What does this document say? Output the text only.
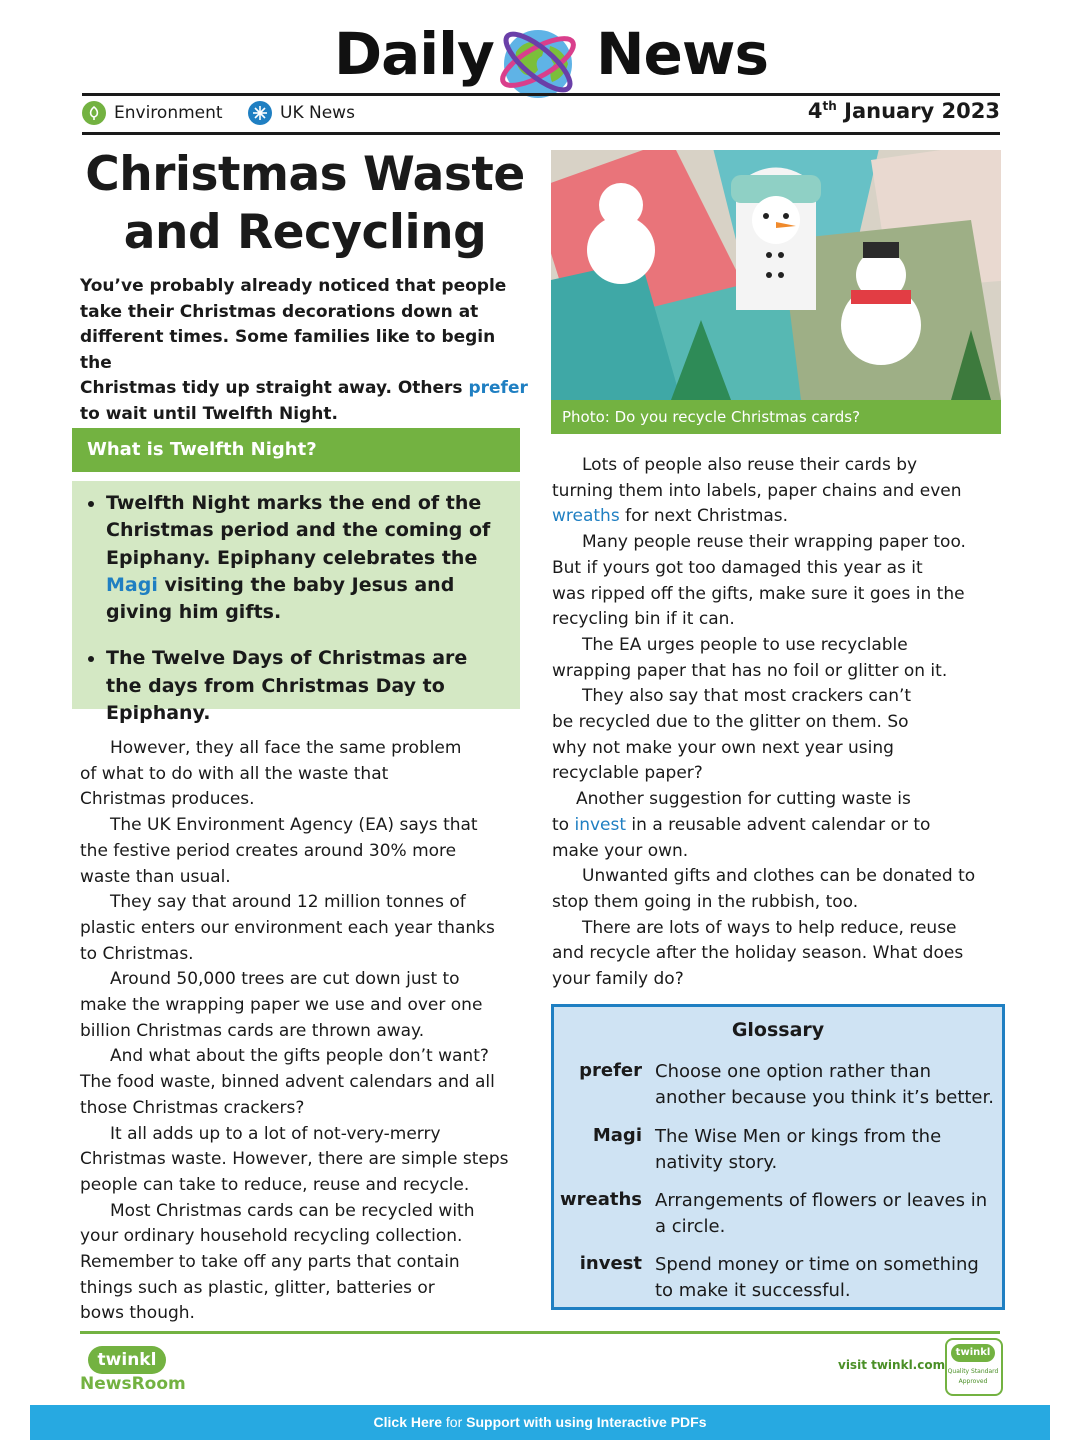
Daily News
Environment	UK News	4th January 2023
Christmas Waste
and Recycling
You’ve probably already noticed that people
take their Christmas decorations down at
different times. Some families like to begin the
Christmas tidy up straight away. Others prefer
to wait until Twelfth Night.
What is Twelfth Night?
• Twelfth Night marks the end of the Christmas period and the coming of Epiphany. Epiphany celebrates the Magi visiting the baby Jesus and giving him gifts.
• The Twelve Days of Christmas are the days from Christmas Day to Epiphany.

However, they all face the same problem
of what to do with all the waste that
Christmas produces.

The UK Environment Agency (EA) says that
the festive period creates around 30% more
waste than usual.

They say that around 12 million tonnes of
plastic enters our environment each year thanks
to Christmas.

Around 50,000 trees are cut down just to
make the wrapping paper we use and over one
billion Christmas cards are thrown away.

And what about the gifts people don’t want?
The food waste, binned advent calendars and all
those Christmas crackers?

It all adds up to a lot of not-very-merry
Christmas waste. However, there are simple steps
people can take to reduce, reuse and recycle.

Most Christmas cards can be recycled with
your ordinary household recycling collection.
Remember to take off any parts that contain
things such as plastic, glitter, batteries or
bows though.

Photo: Do you recycle Christmas cards?

Lots of people also reuse their cards by
turning them into labels, paper chains and even
wreaths for next Christmas.

Many people reuse their wrapping paper too.
But if yours got too damaged this year as it
was ripped off the gifts, make sure it goes in the
recycling bin if it can.

The EA urges people to use recyclable
wrapping paper that has no foil or glitter on it.

They also say that most crackers can’t
be recycled due to the glitter on them. So
why not make your own next year using
recyclable paper?

Another suggestion for cutting waste is
to invest in a reusable advent calendar or to
make your own.

Unwanted gifts and clothes can be donated to
stop them going in the rubbish, too.

There are lots of ways to help reduce, reuse
and recycle after the holiday season. What does
your family do?

Glossary
prefer Choose one option rather than another because you think it’s better.
Magi The Wise Men or kings from the nativity story.
wreaths Arrangements of flowers or leaves in a circle.
invest Spend money or time on something to make it successful.
twinkl
NewsRoom
visit twinkl.com
twinkl
Quality Standard
Approved
Click Here for Support with using Interactive PDFs
